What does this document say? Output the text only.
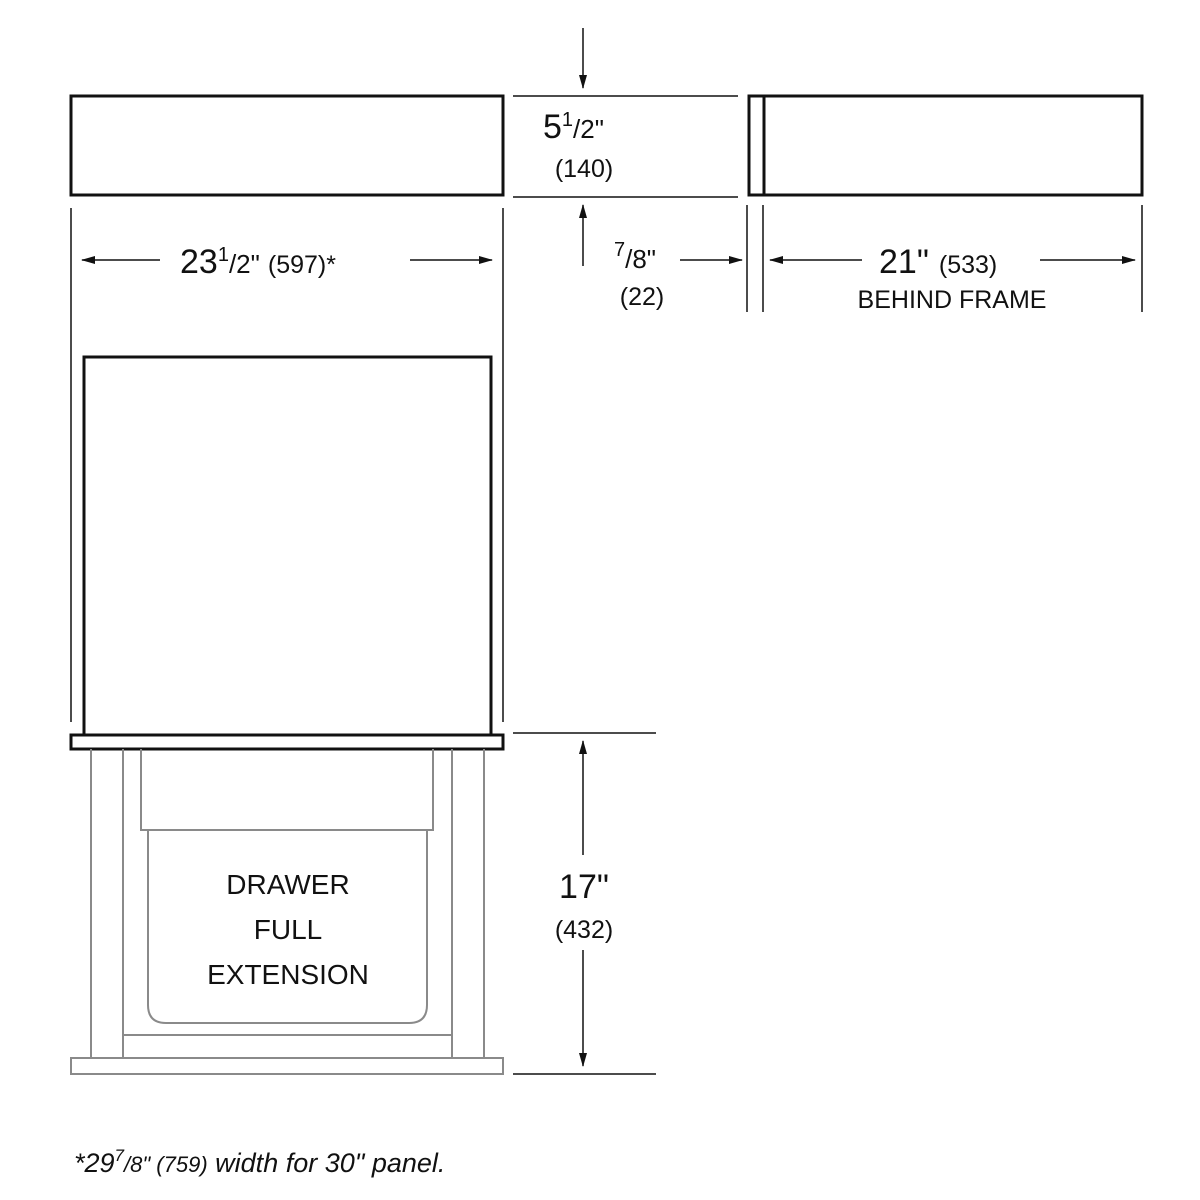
231/2" (597)*
DRAWER
FULL
EXTENSION
51/2"
(140)
7/8"
(22)
21" (533)
BEHIND FRAME
17"
(432)
*297/8" (759) width for 30" panel.
